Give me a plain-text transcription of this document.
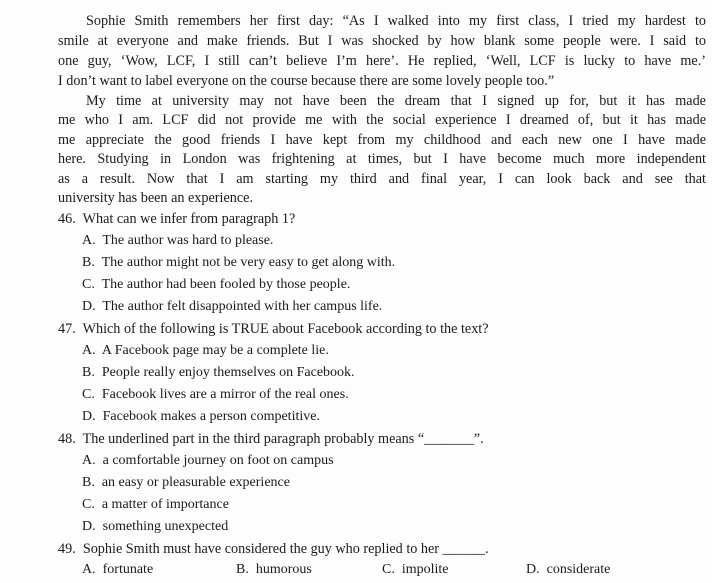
Sophie Smith remembers her first day: “As I walked into my first class, I tried my hardest to
smile at everyone and make friends. But I was shocked by how blank some people were. I said to
one guy, ‘Wow, LCF, I still can’t believe I’m here’. He replied, ‘Well, LCF is lucky to have me.’
I don’t want to label everyone on the course because there are some lovely people too.”
My time at university may not have been the dream that I signed up for, but it has made
me who I am. LCF did not provide me with the social experience I dreamed of, but it has made
me appreciate the good friends I have kept from my childhood and each new one I have made
here. Studying in London was frightening at times, but I have become much more independent
as a result. Now that I am starting my third and final year, I can look back and see that
university has been an experience.
46. What can we infer from paragraph 1?
A. The author was hard to please.
B. The author might not be very easy to get along with.
C. The author had been fooled by those people.
D. The author felt disappointed with her campus life.
47. Which of the following is TRUE about Facebook according to the text?
A. A Facebook page may be a complete lie.
B. People really enjoy themselves on Facebook.
C. Facebook lives are a mirror of the real ones.
D. Facebook makes a person competitive.
48. The underlined part in the third paragraph probably means “_______”.
A. a comfortable journey on foot on campus
B. an easy or pleasurable experience
C. a matter of importance
D. something unexpected
49. Sophie Smith must have considered the guy who replied to her ______.
A. fortunate	B. humorous	C. impolite	D. considerate
